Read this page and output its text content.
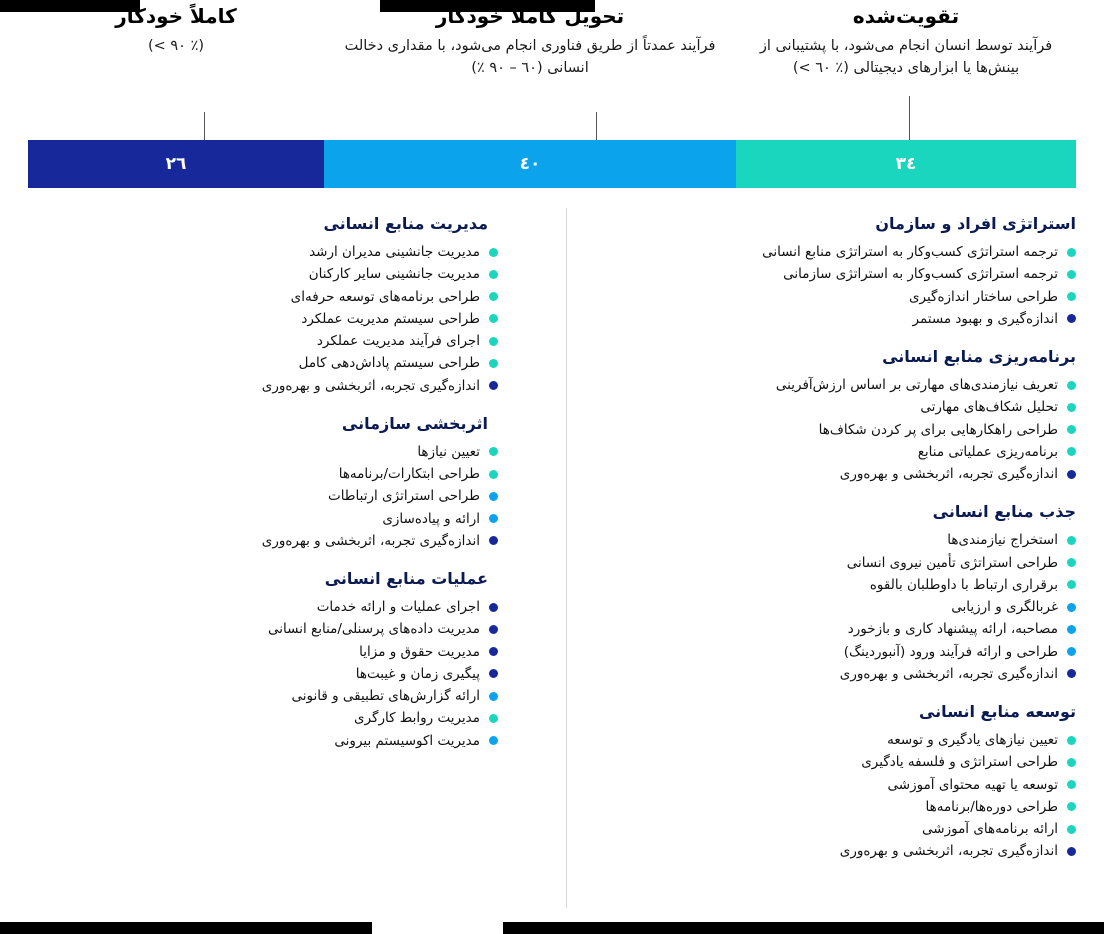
تقویت‌شده
فرآیند توسط انسان انجام می‌شود، با پشتیبانی از بینش‌ها یا ابزارهای دیجیتالی (٪ ٦٠ >)
تحویل کاملاً خودکار
فرآیند عمدتاً از طریق فناوری انجام می‌شود، با مقداری دخالت انسانی (٦٠ – ٩٠ ٪)
کاملاً خودکار
(٪ ٩٠ >)
٣٤
٤٠
٢٦
استراتژی افراد و سازمان
ترجمه استراتژی کسب‌وکار به استراتژی منابع انسانی
ترجمه استراتژی کسب‌وکار به استراتژی سازمانی
طراحی ساختار اندازه‌گیری
اندازه‌گیری و بهبود مستمر
برنامه‌ریزی منابع انسانی
تعریف نیازمندی‌های مهارتی بر اساس ارزش‌آفرینی
تحلیل شکاف‌های مهارتی
طراحی راهکارهایی برای پر کردن شکاف‌ها
برنامه‌ریزی عملیاتی منابع
اندازه‌گیری تجربه، اثربخشی و بهره‌وری
جذب منابع انسانی
استخراج نیازمندی‌ها
طراحی استراتژی تأمین نیروی انسانی
برقراری ارتباط با داوطلبان بالقوه
غربالگری و ارزیابی
مصاحبه، ارائه پیشنهاد کاری و بازخورد
طراحی و ارائه فرآیند ورود (آنبوردینگ)
اندازه‌گیری تجربه، اثربخشی و بهره‌وری
توسعه منابع انسانی
تعیین نیازهای یادگیری و توسعه
طراحی استراتژی و فلسفه یادگیری
توسعه یا تهیه محتوای آموزشی
طراحی دوره‌ها/برنامه‌ها
ارائه برنامه‌های آموزشی
اندازه‌گیری تجربه، اثربخشی و بهره‌وری
مدیریت منابع انسانی
مدیریت جانشینی مدیران ارشد
مدیریت جانشینی سایر کارکنان
طراحی برنامه‌های توسعه حرفه‌ای
طراحی سیستم مدیریت عملکرد
اجرای فرآیند مدیریت عملکرد
طراحی سیستم پاداش‌دهی کامل
اندازه‌گیری تجربه، اثربخشی و بهره‌وری
اثربخشی سازمانی
تعیین نیازها
طراحی ابتکارات/برنامه‌ها
طراحی استراتژی ارتباطات
ارائه و پیاده‌سازی
اندازه‌گیری تجربه، اثربخشی و بهره‌وری
عملیات منابع انسانی
اجرای عملیات و ارائه خدمات
مدیریت داده‌های پرسنلی/منابع انسانی
مدیریت حقوق و مزایا
پیگیری زمان و غیبت‌ها
ارائه گزارش‌های تطبیقی و قانونی
مدیریت روابط کارگری
مدیریت اکوسیستم بیرونی
